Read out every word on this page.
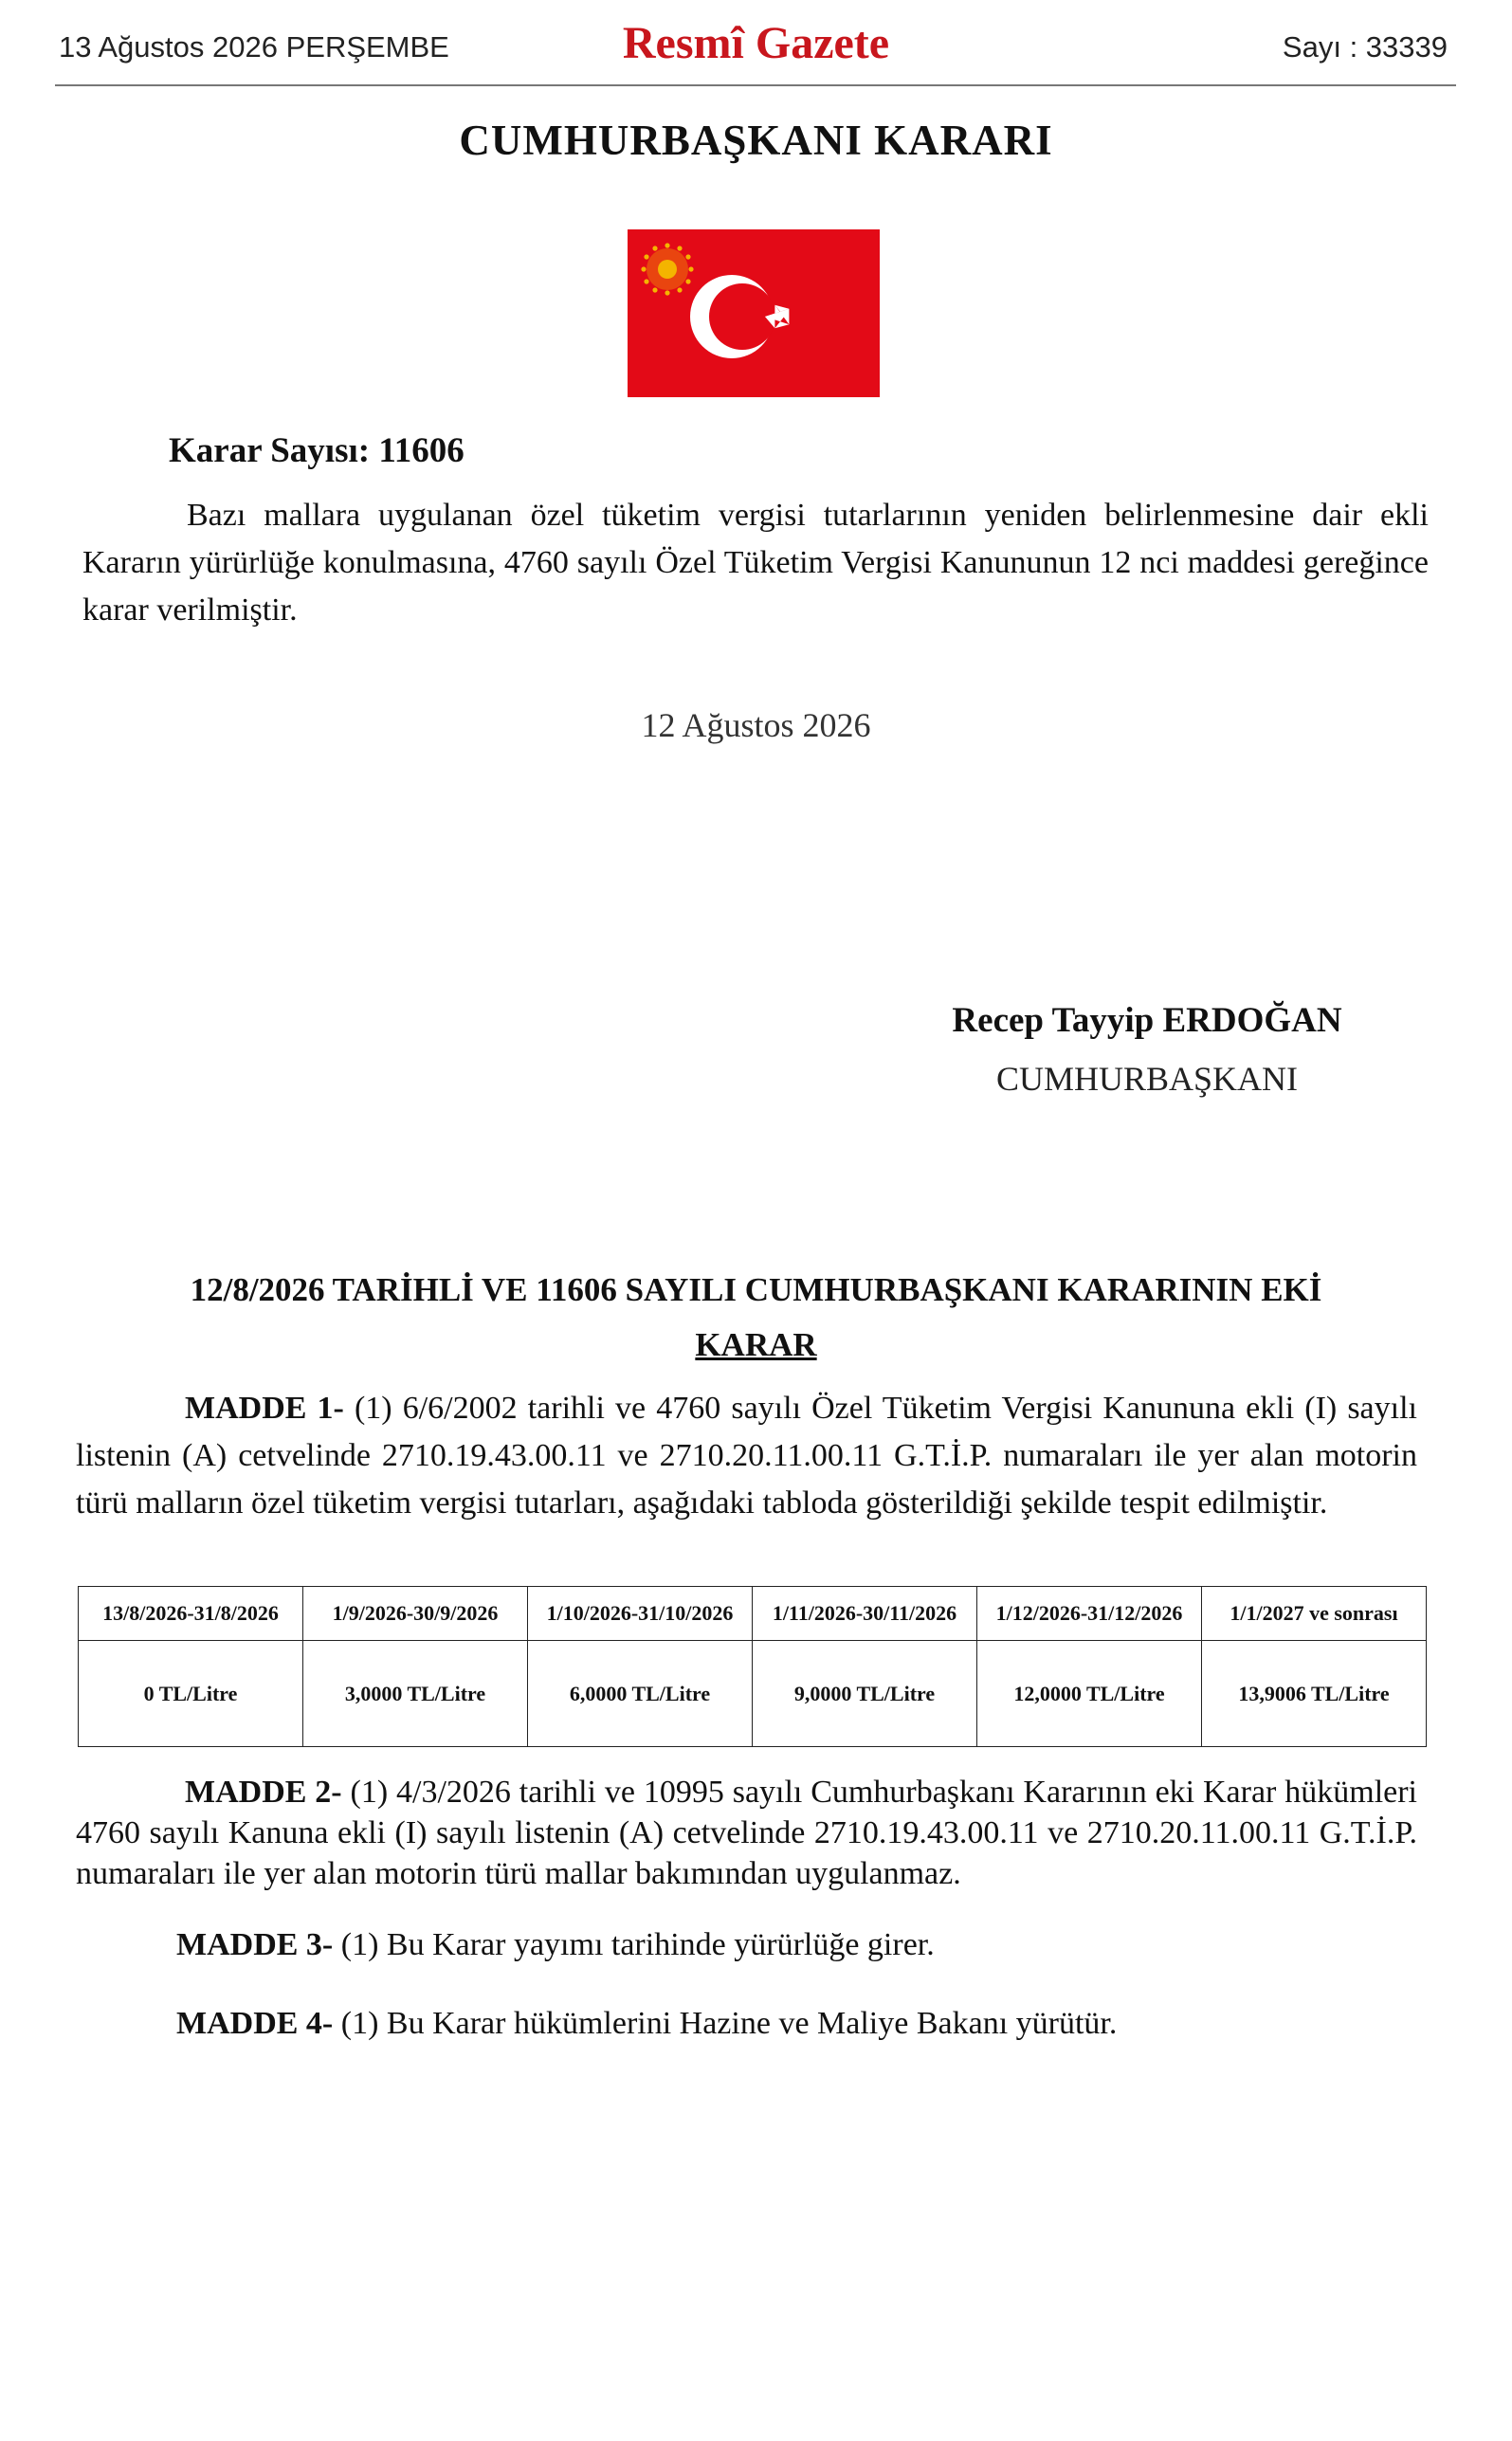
13 Ağustos 2026 PERŞEMBE	Resmî Gazete	Sayı : 33339
CUMHURBAŞKANI KARARI
Karar Sayısı: 11606
Bazı mallara uygulanan özel tüketim vergisi tutarlarının yeniden belirlenmesine dair ekli Kararın yürürlüğe konulmasına, 4760 sayılı Özel Tüketim Vergisi Kanununun 12 nci maddesi gereğince karar verilmiştir.
12 Ağustos 2026
Recep Tayyip ERDOĞAN
CUMHURBAŞKANI
12/8/2026 TARİHLİ VE 11606 SAYILI CUMHURBAŞKANI KARARININ EKİ
KARAR
MADDE 1- (1) 6/6/2002 tarihli ve 4760 sayılı Özel Tüketim Vergisi Kanununa ekli (I) sayılı listenin (A) cetvelinde 2710.19.43.00.11 ve 2710.20.11.00.11 G.T.İ.P. numaraları ile yer alan motorin türü malların özel tüketim vergisi tutarları, aşağıdaki tabloda gösterildiği şekilde tespit edilmiştir.
13/8/2026-31/8/2026	1/9/2026-30/9/2026	1/10/2026-31/10/2026	1/11/2026-30/11/2026	1/12/2026-31/12/2026	1/1/2027 ve sonrası
0 TL/Litre	3,0000 TL/Litre	6,0000 TL/Litre	9,0000 TL/Litre	12,0000 TL/Litre	13,9006 TL/Litre
MADDE 2- (1) 4/3/2026 tarihli ve 10995 sayılı Cumhurbaşkanı Kararının eki Karar hükümleri 4760 sayılı Kanuna ekli (I) sayılı listenin (A) cetvelinde 2710.19.43.00.11 ve 2710.20.11.00.11 G.T.İ.P. numaraları ile yer alan motorin türü mallar bakımından uygulanmaz.
MADDE 3- (1) Bu Karar yayımı tarihinde yürürlüğe girer.
MADDE 4- (1) Bu Karar hükümlerini Hazine ve Maliye Bakanı yürütür.
